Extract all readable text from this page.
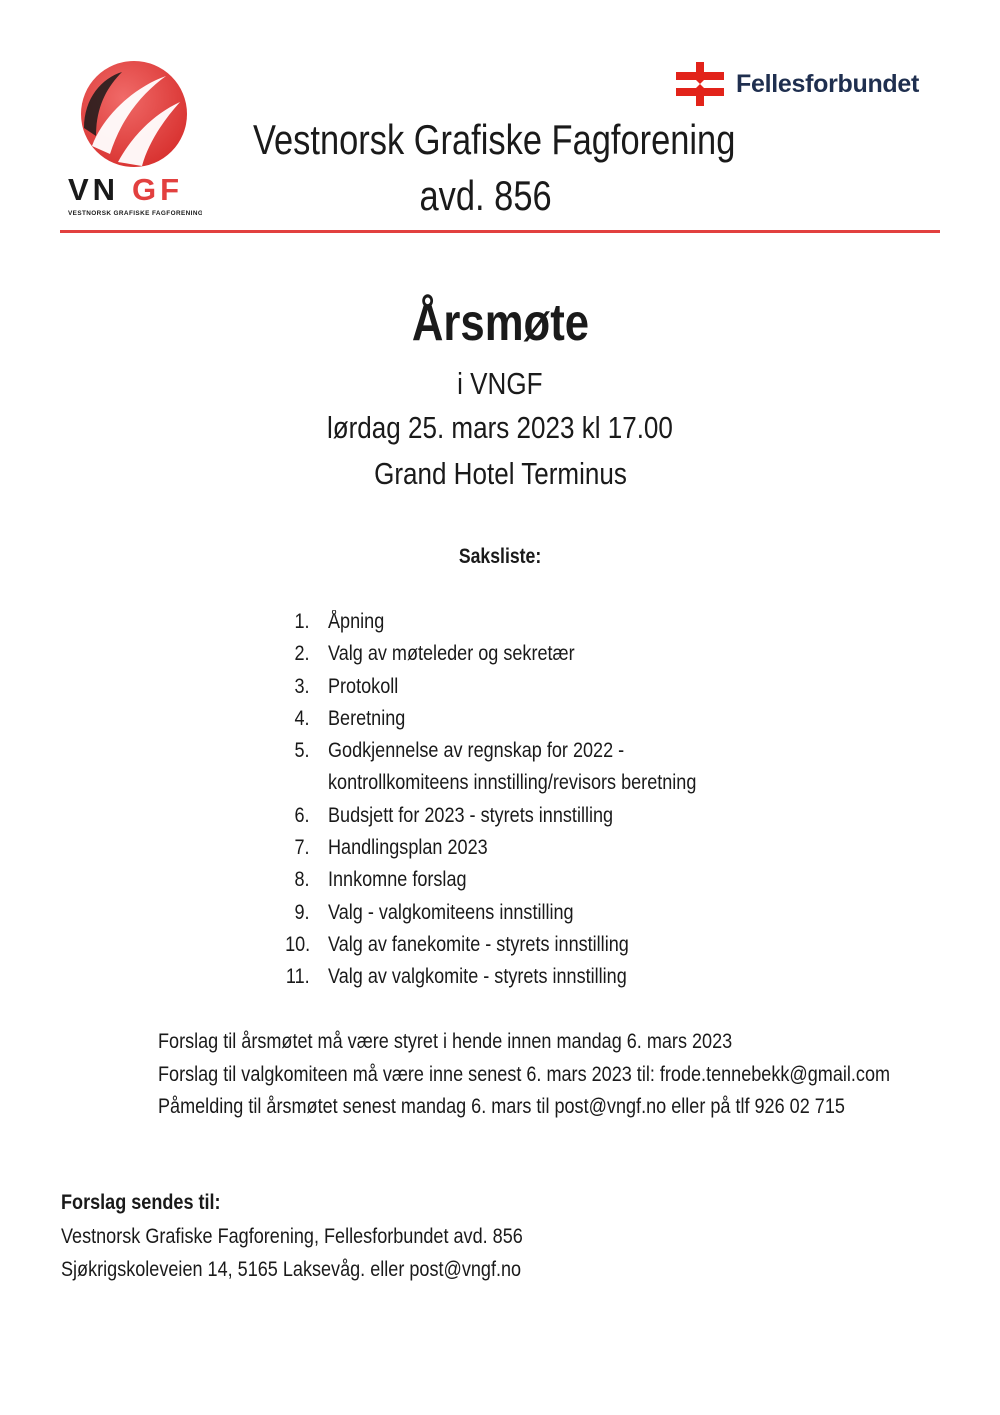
VN GF
VESTNORSK GRAFISKE FAGFORENING
Fellesforbundet
Vestnorsk Grafiske Fagforening
avd. 856
Årsmøte
i VNGF
lørdag 25. mars 2023 kl 17.00
Grand Hotel Terminus
Saksliste:
1. Åpning
2. Valg av møteleder og sekretær
3. Protokoll
4. Beretning
5. Godkjennelse av regnskap for 2022 -
kontrollkomiteens innstilling/revisors beretning
6. Budsjett for 2023 - styrets innstilling
7. Handlingsplan 2023
8. Innkomne forslag
9. Valg - valgkomiteens innstilling
10. Valg av fanekomite - styrets innstilling
11. Valg av valgkomite - styrets innstilling
Forslag til årsmøtet må være styret i hende innen mandag 6. mars 2023
Forslag til valgkomiteen må være inne senest 6. mars 2023 til: frode.tennebekk@gmail.com
Påmelding til årsmøtet senest mandag 6. mars til post@vngf.no eller på tlf 926 02 715
Forslag sendes til:
Vestnorsk Grafiske Fagforening, Fellesforbundet avd. 856
Sjøkrigskoleveien 14, 5165 Laksevåg. eller post@vngf.no
